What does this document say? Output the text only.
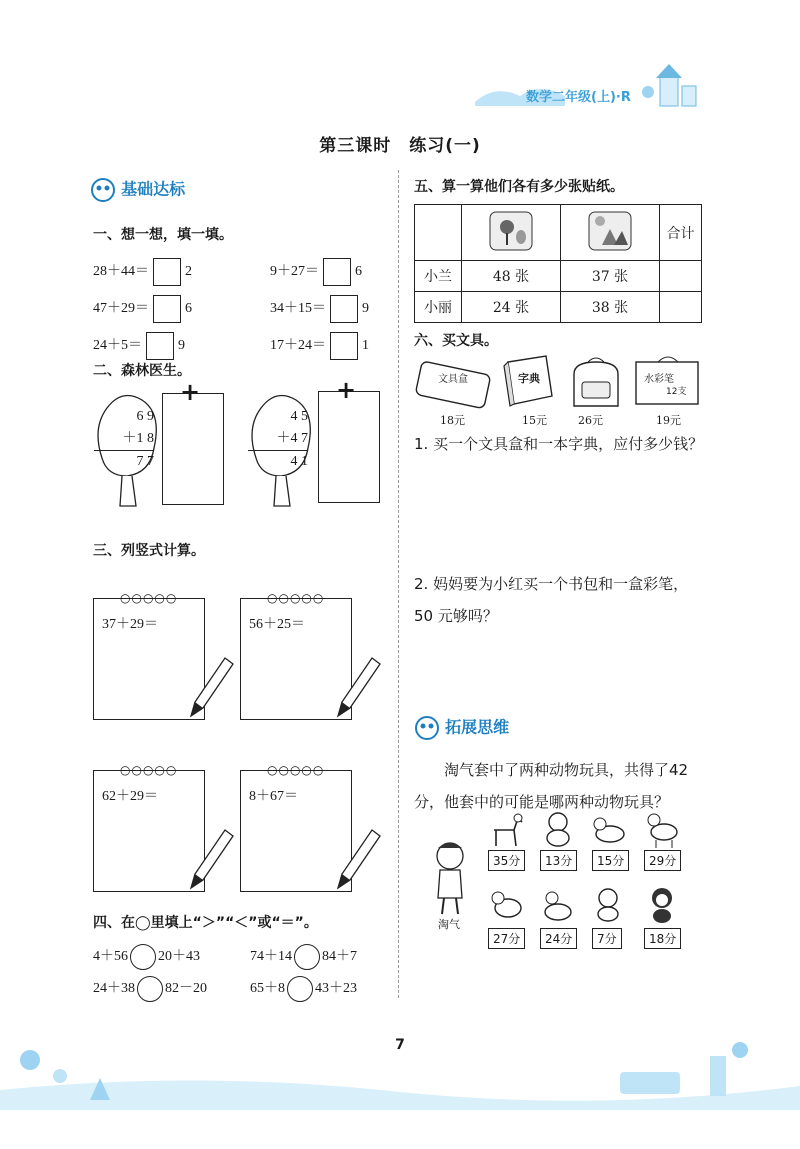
数学二年级(上)·R
第三课时　练习(一)
基础达标
一、想一想，填一填。
28＋44＝	2	9＋27＝	6
47＋29＝	6	34＋15＝	9
24＋5＝	9	17＋24＝	1
二、森林医生。
6 9
＋1 8
7 7
+
4 5
＋4 7
4 1
+
三、列竖式计算。
○○○○○
37＋29＝
○○○○○
56＋25＝
○○○○○
62＋29＝
○○○○○
8＋67＝
四、在◯里填上“＞”“＜”或“＝”。
4＋56 20＋43	74＋14 84＋7
24＋38 82－20	65＋8 43＋23
五、算一算他们各有多少张贴纸。
			合计
小兰	48 张	37 张	
小丽	24 张	38 张	
六、买文具。
文具盒
18元
字典
15元	26元
水彩笔
12支
19元
1. 买一个文具盒和一本字典，应付多少钱？
2. 妈妈要为小红买一个书包和一盒彩笔，50 元够吗？
拓展思维
淘气套中了两种动物玩具，共得了42分，他套中的可能是哪两种动物玩具？
淘气
35分	13分	15分	29分
27分	24分	7分	18分
7
